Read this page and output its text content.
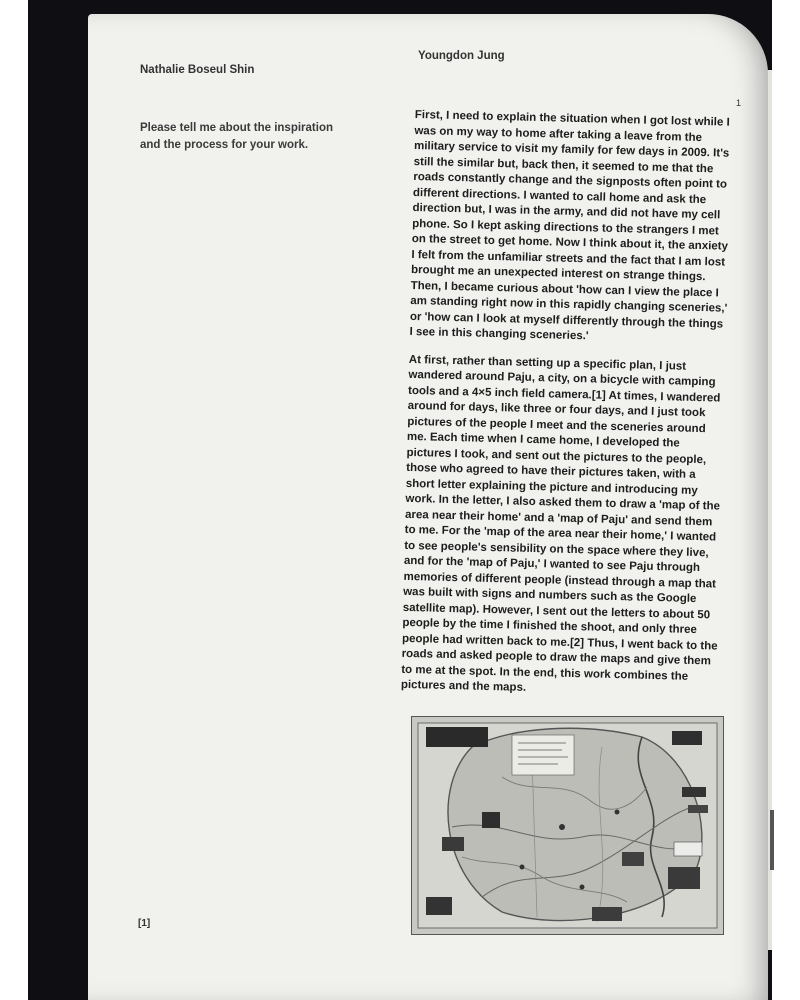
Nathalie Boseul Shin
Youngdon Jung
1
Please tell me about the inspiration and the process for your work.

First, I need to explain the situation when I got lost while I was on my way to home after taking a leave from the military service to visit my family for few days in 2009. It's still the similar but, back then, it seemed to me that the roads constantly change and the signposts often point to different directions. I wanted to call home and ask the direction but, I was in the army, and did not have my cell phone. So I kept asking directions to the strangers I met on the street to get home. Now I think about it, the anxiety I felt from the unfamiliar streets and the fact that I am lost brought me an unexpected interest on strange things. Then, I became curious about 'how can I view the place I am standing right now in this rapidly changing sceneries,' or 'how can I look at myself differently through the things I see in this changing sceneries.'

At first, rather than setting up a specific plan, I just wandered around Paju, a city, on a bicycle with camping tools and a 4×5 inch field camera.[1] At times, I wandered around for days, like three or four days, and I just took pictures of the people I meet and the sceneries around me. Each time when I came home, I developed the pictures I took, and sent out the pictures to the people, those who agreed to have their pictures taken, with a short letter explaining the picture and introducing my work. In the letter, I also asked them to draw a 'map of the area near their home' and a 'map of Paju' and send them to me. For the 'map of the area near their home,' I wanted to see people's sensibility on the space where they live, and for the 'map of Paju,' I wanted to see Paju through memories of different people (instead through a map that was built with signs and numbers such as the Google satellite map). However, I sent out the letters to about 50 people by the time I finished the shoot, and only three people had written back to me.[2] Thus, I went back to the roads and asked people to draw the maps and give them to me at the spot. In the end, this work combines the pictures and the maps.

[1]
